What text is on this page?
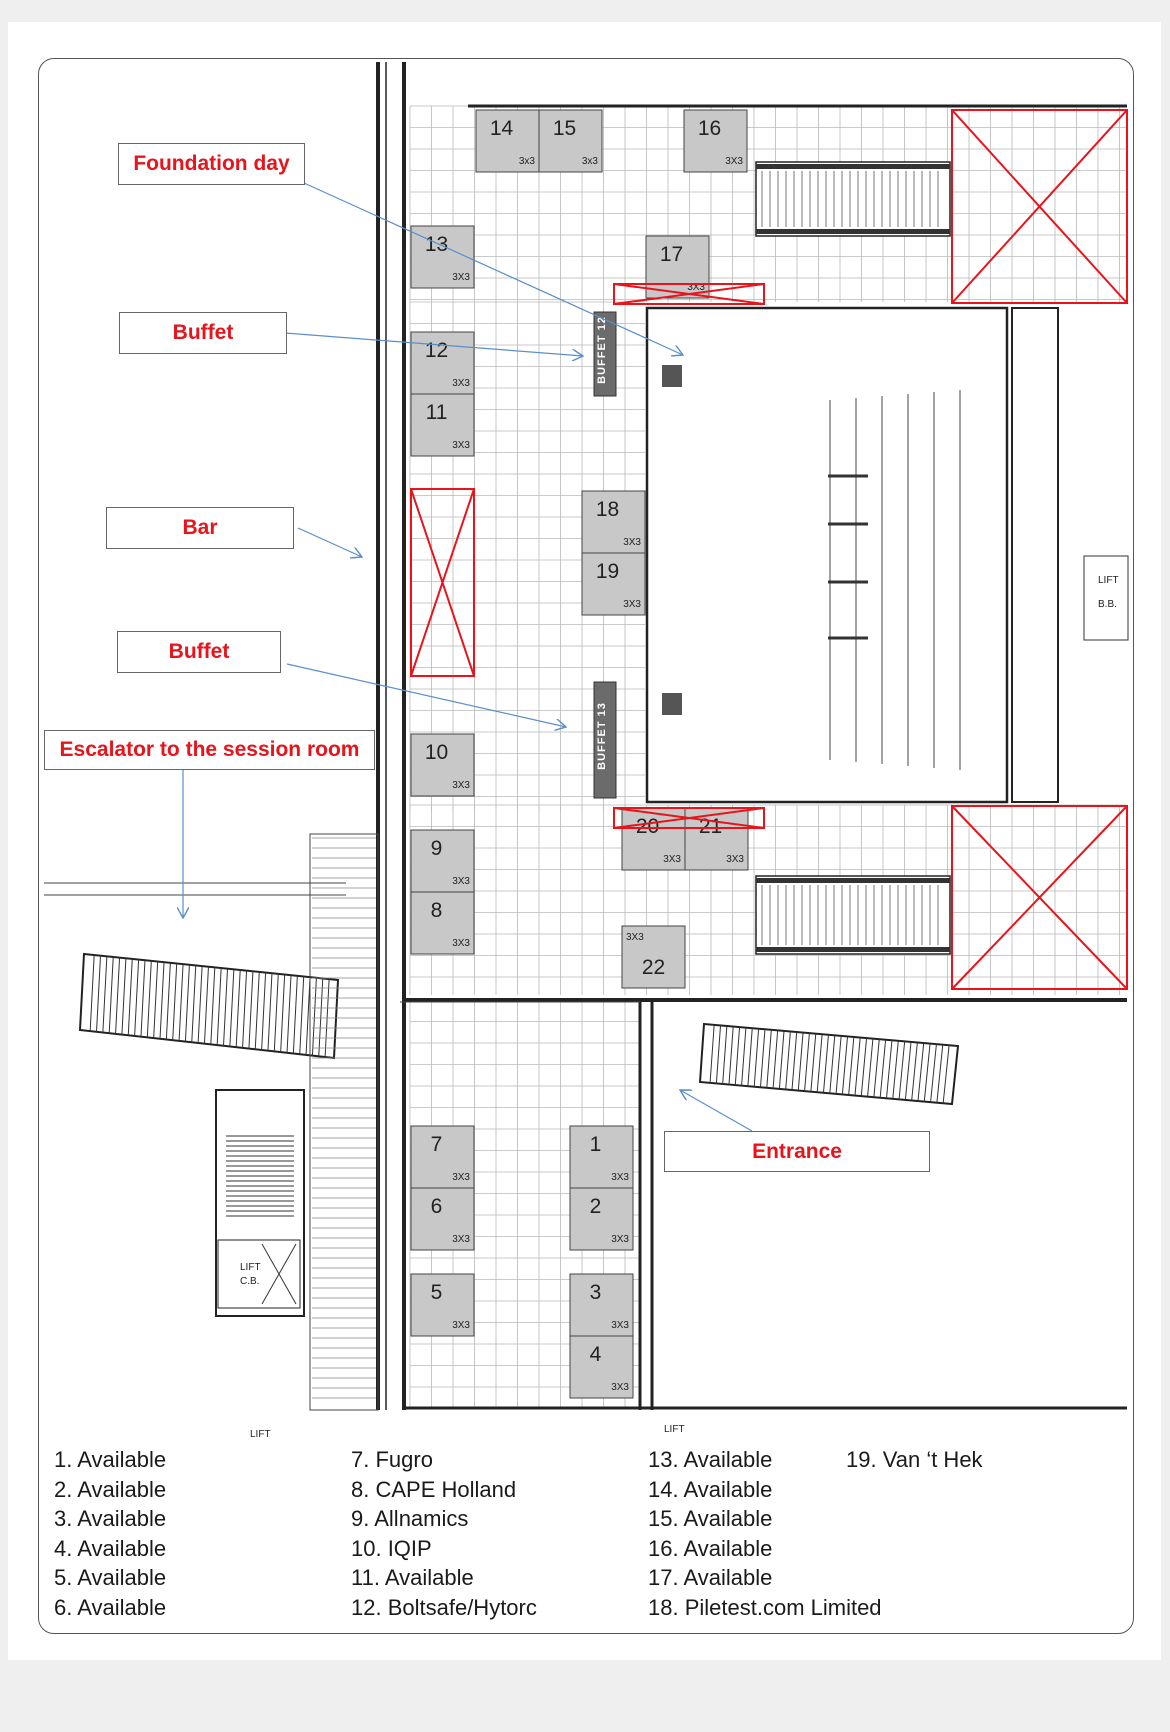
14
3x3
15
3x3
16
3X3
13
3X3
17
3X3
12
3X3
11
3X3
18
3X3
19
3X3
10
3X3
20
3X3
21
3X3
9
3X3
8
3X3
3X3
22
7
3X3
1
3X3
6
3X3
2
3X3
5
3X3
3
3X3
4
3X3
BUFFET 12
BUFFET 13
LIFT
C.B.
LIFT
B.B.
LIFT	LIFT
Foundation day
Buffet
Bar
Buffet
Escalator to the session room
Entrance
1. Available
2. Available
3. Available
4. Available
5. Available
6. Available
7. Fugro
8. CAPE Holland
9. Allnamics
10. IQIP
11. Available
12. Boltsafe/Hytorc
13. Available
14. Available
15. Available
16. Available
17. Available
18. Piletest.com Limited
19. Van ‘t Hek
